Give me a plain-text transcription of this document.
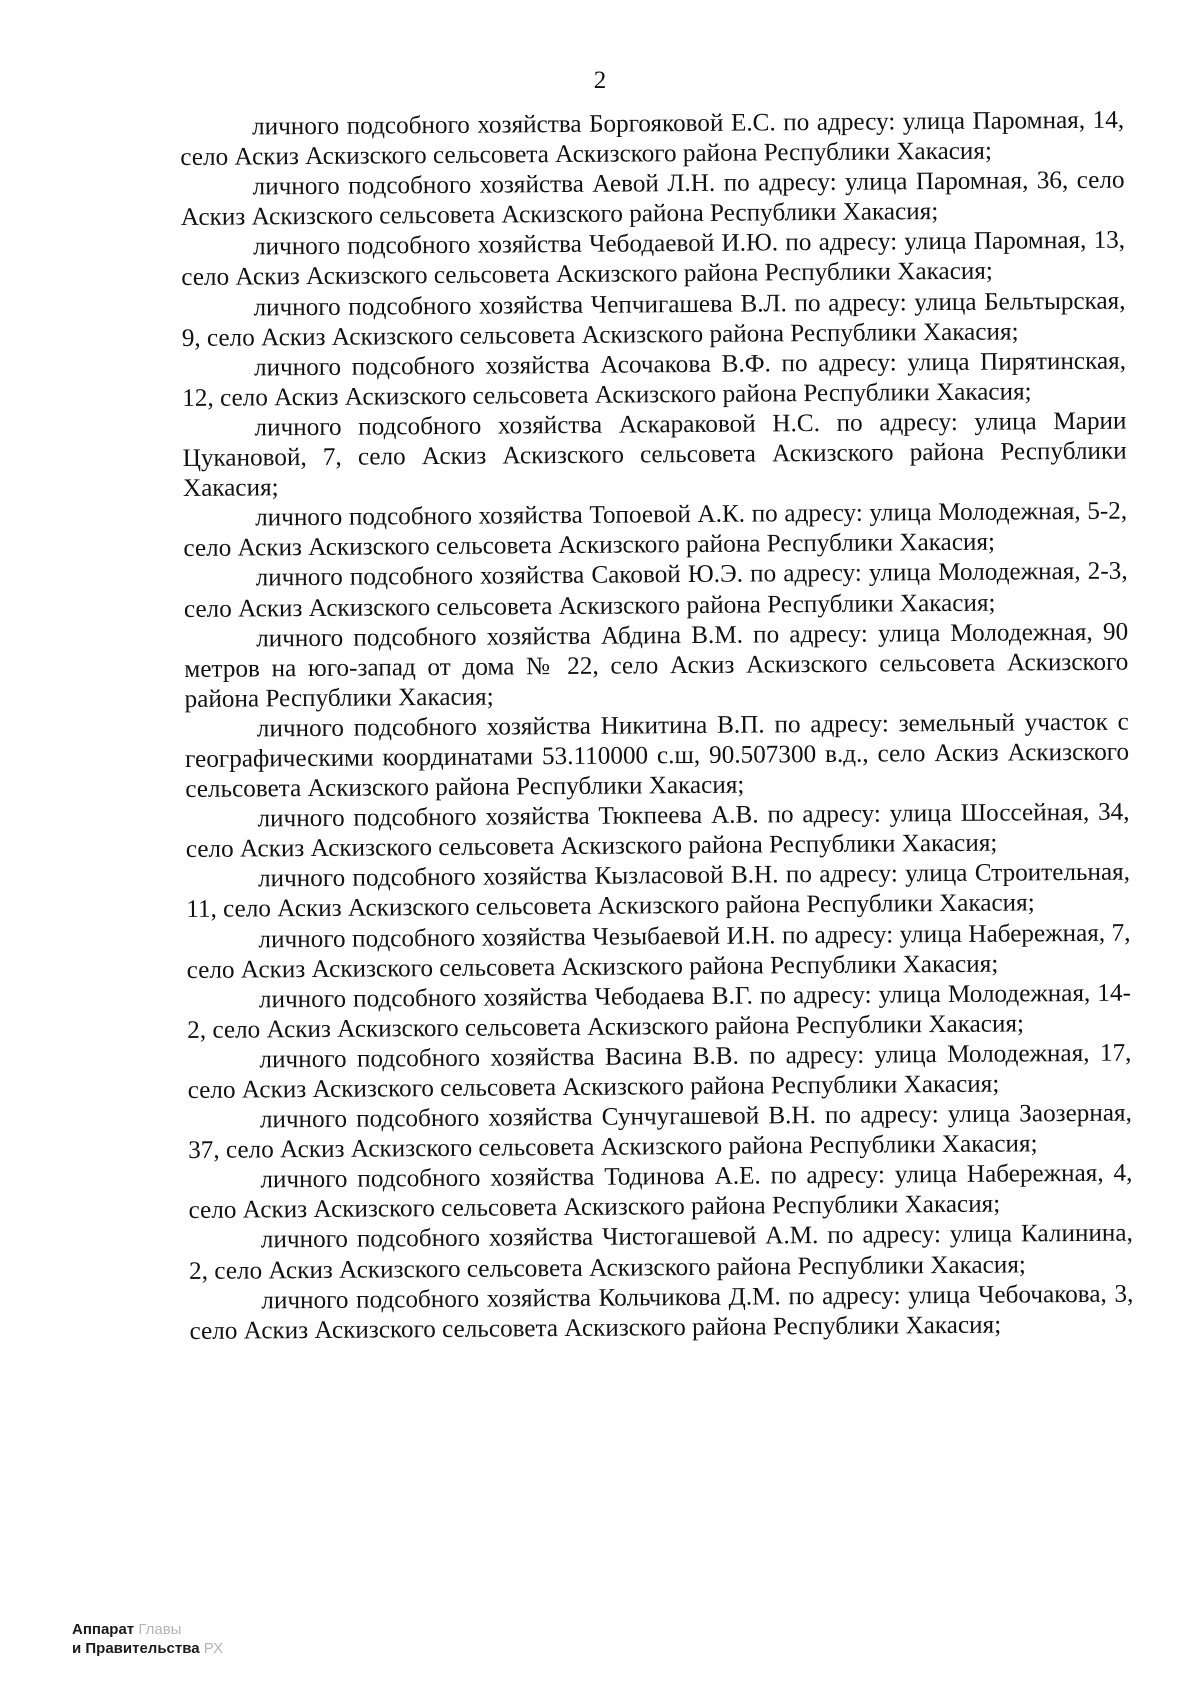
2

личного подсобного хозяйства Боргояковой Е.С. по адресу: улица Паромная, 14, село Аскиз Аскизского сельсовета Аскизского района Республики Хакасия;

личного подсобного хозяйства Аевой Л.Н. по адресу: улица Паромная, 36, село Аскиз Аскизского сельсовета Аскизского района Республики Хакасия;

личного подсобного хозяйства Чебодаевой И.Ю. по адресу: улица Паромная, 13, село Аскиз Аскизского сельсовета Аскизского района Республики Хакасия;

личного подсобного хозяйства Чепчигашева В.Л. по адресу: улица Бельтырская, 9, село Аскиз Аскизского сельсовета Аскизского района Республики Хакасия;

личного подсобного хозяйства Асочакова В.Ф. по адресу: улица Пирятинская, 12, село Аскиз Аскизского сельсовета Аскизского района Республики Хакасия;

личного подсобного хозяйства Аскараковой Н.С. по адресу: улица Марии Цукановой, 7, село Аскиз Аскизского сельсовета Аскизского района Республики Хакасия;

личного подсобного хозяйства Топоевой А.К. по адресу: улица Молодежная, 5-2, село Аскиз Аскизского сельсовета Аскизского района Республики Хакасия;

личного подсобного хозяйства Саковой Ю.Э. по адресу: улица Молодежная, 2-3, село Аскиз Аскизского сельсовета Аскизского района Республики Хакасия;

личного подсобного хозяйства Абдина В.М. по адресу: улица Молодежная, 90 метров на юго-запад от дома № 22, село Аскиз Аскизского сельсовета Аскизского района Республики Хакасия;

личного подсобного хозяйства Никитина В.П. по адресу: земельный участок с географическими координатами 53.110000 с.ш, 90.507300 в.д., село Аскиз Аскизского сельсовета Аскизского района Республики Хакасия;

личного подсобного хозяйства Тюкпеева А.В. по адресу: улица Шоссейная, 34, село Аскиз Аскизского сельсовета Аскизского района Республики Хакасия;

личного подсобного хозяйства Кызласовой В.Н. по адресу: улица Строительная, 11, село Аскиз Аскизского сельсовета Аскизского района Республики Хакасия;

личного подсобного хозяйства Чезыбаевой И.Н. по адресу: улица Набережная, 7, село Аскиз Аскизского сельсовета Аскизского района Республики Хакасия;

личного подсобного хозяйства Чебодаева В.Г. по адресу: улица Молодежная, 14-2, село Аскиз Аскизского сельсовета Аскизского района Республики Хакасия;

личного подсобного хозяйства Васина В.В. по адресу: улица Молодежная, 17, село Аскиз Аскизского сельсовета Аскизского района Республики Хакасия;

личного подсобного хозяйства Сунчугашевой В.Н. по адресу: улица Заозерная, 37, село Аскиз Аскизского сельсовета Аскизского района Республики Хакасия;

личного подсобного хозяйства Тодинова А.Е. по адресу: улица Набережная, 4, село Аскиз Аскизского сельсовета Аскизского района Республики Хакасия;

личного подсобного хозяйства Чистогашевой А.М. по адресу: улица Калинина, 2, село Аскиз Аскизского сельсовета Аскизского района Республики Хакасия;

личного подсобного хозяйства Кольчикова Д.М. по адресу: улица Чебочакова, 3, село Аскиз Аскизского сельсовета Аскизского района Республики Хакасия;

Аппарат Главы
и Правительства РХ
